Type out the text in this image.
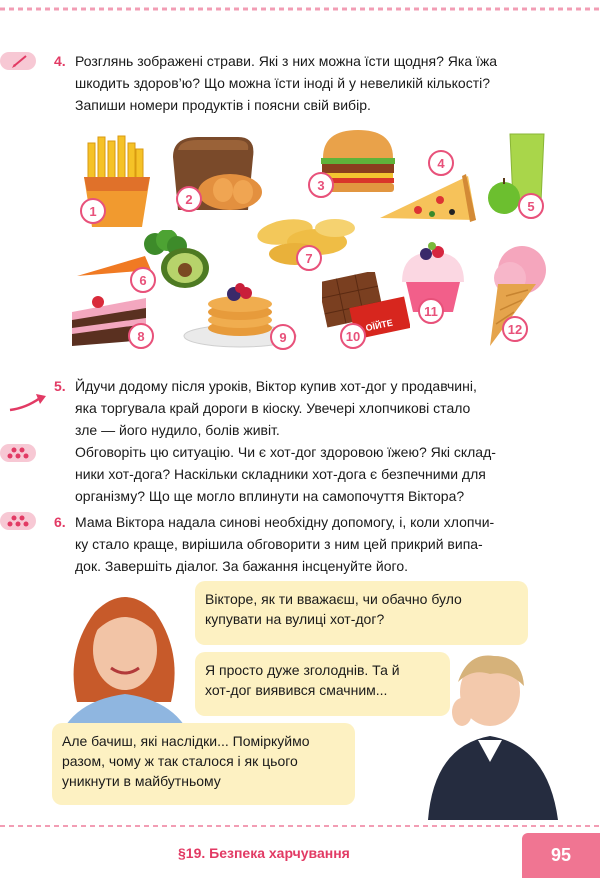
4. Розглянь зображені страви. Які з них можна їсти щодня? Яка їжа
шкодить здоров’ю? Що можна їсти іноді й у невеликій кількості?
Запиши номери продуктів і поясни свій вибір.
1
2
3
4
5
6
7
8	9
ОЇЙТЕ
10
11
12
5. Йдучи додому після уроків, Віктор купив хот-дог у продавчині,
яка торгувала край дороги в кіоску. Увечері хлопчикові стало
зле — його нудило, болів живіт.
Обговоріть цю ситуацію. Чи є хот-дог здоровою їжею? Які склад-
ники хот-дога? Наскільки складники хот-дога є безпечними для
організму? Що ще могло вплинути на самопочуття Віктора?
6. Мама Віктора надала синові необхідну допомогу, і, коли хлопчи-
ку стало краще, вирішила обговорити з ним цей прикрий випа-
док. Завершіть діалог. За бажання інсценуйте його.
Вікторе, як ти вважаєш, чи обачно було
купувати на вулиці хот-дог?
Я просто дуже зголоднів. Та й
хот-дог виявився смачним...
Але бачиш, які наслідки... Поміркуймо
разом, чому ж так сталося і як цього
уникнути в майбутньому
§19. Безпека харчування	95
